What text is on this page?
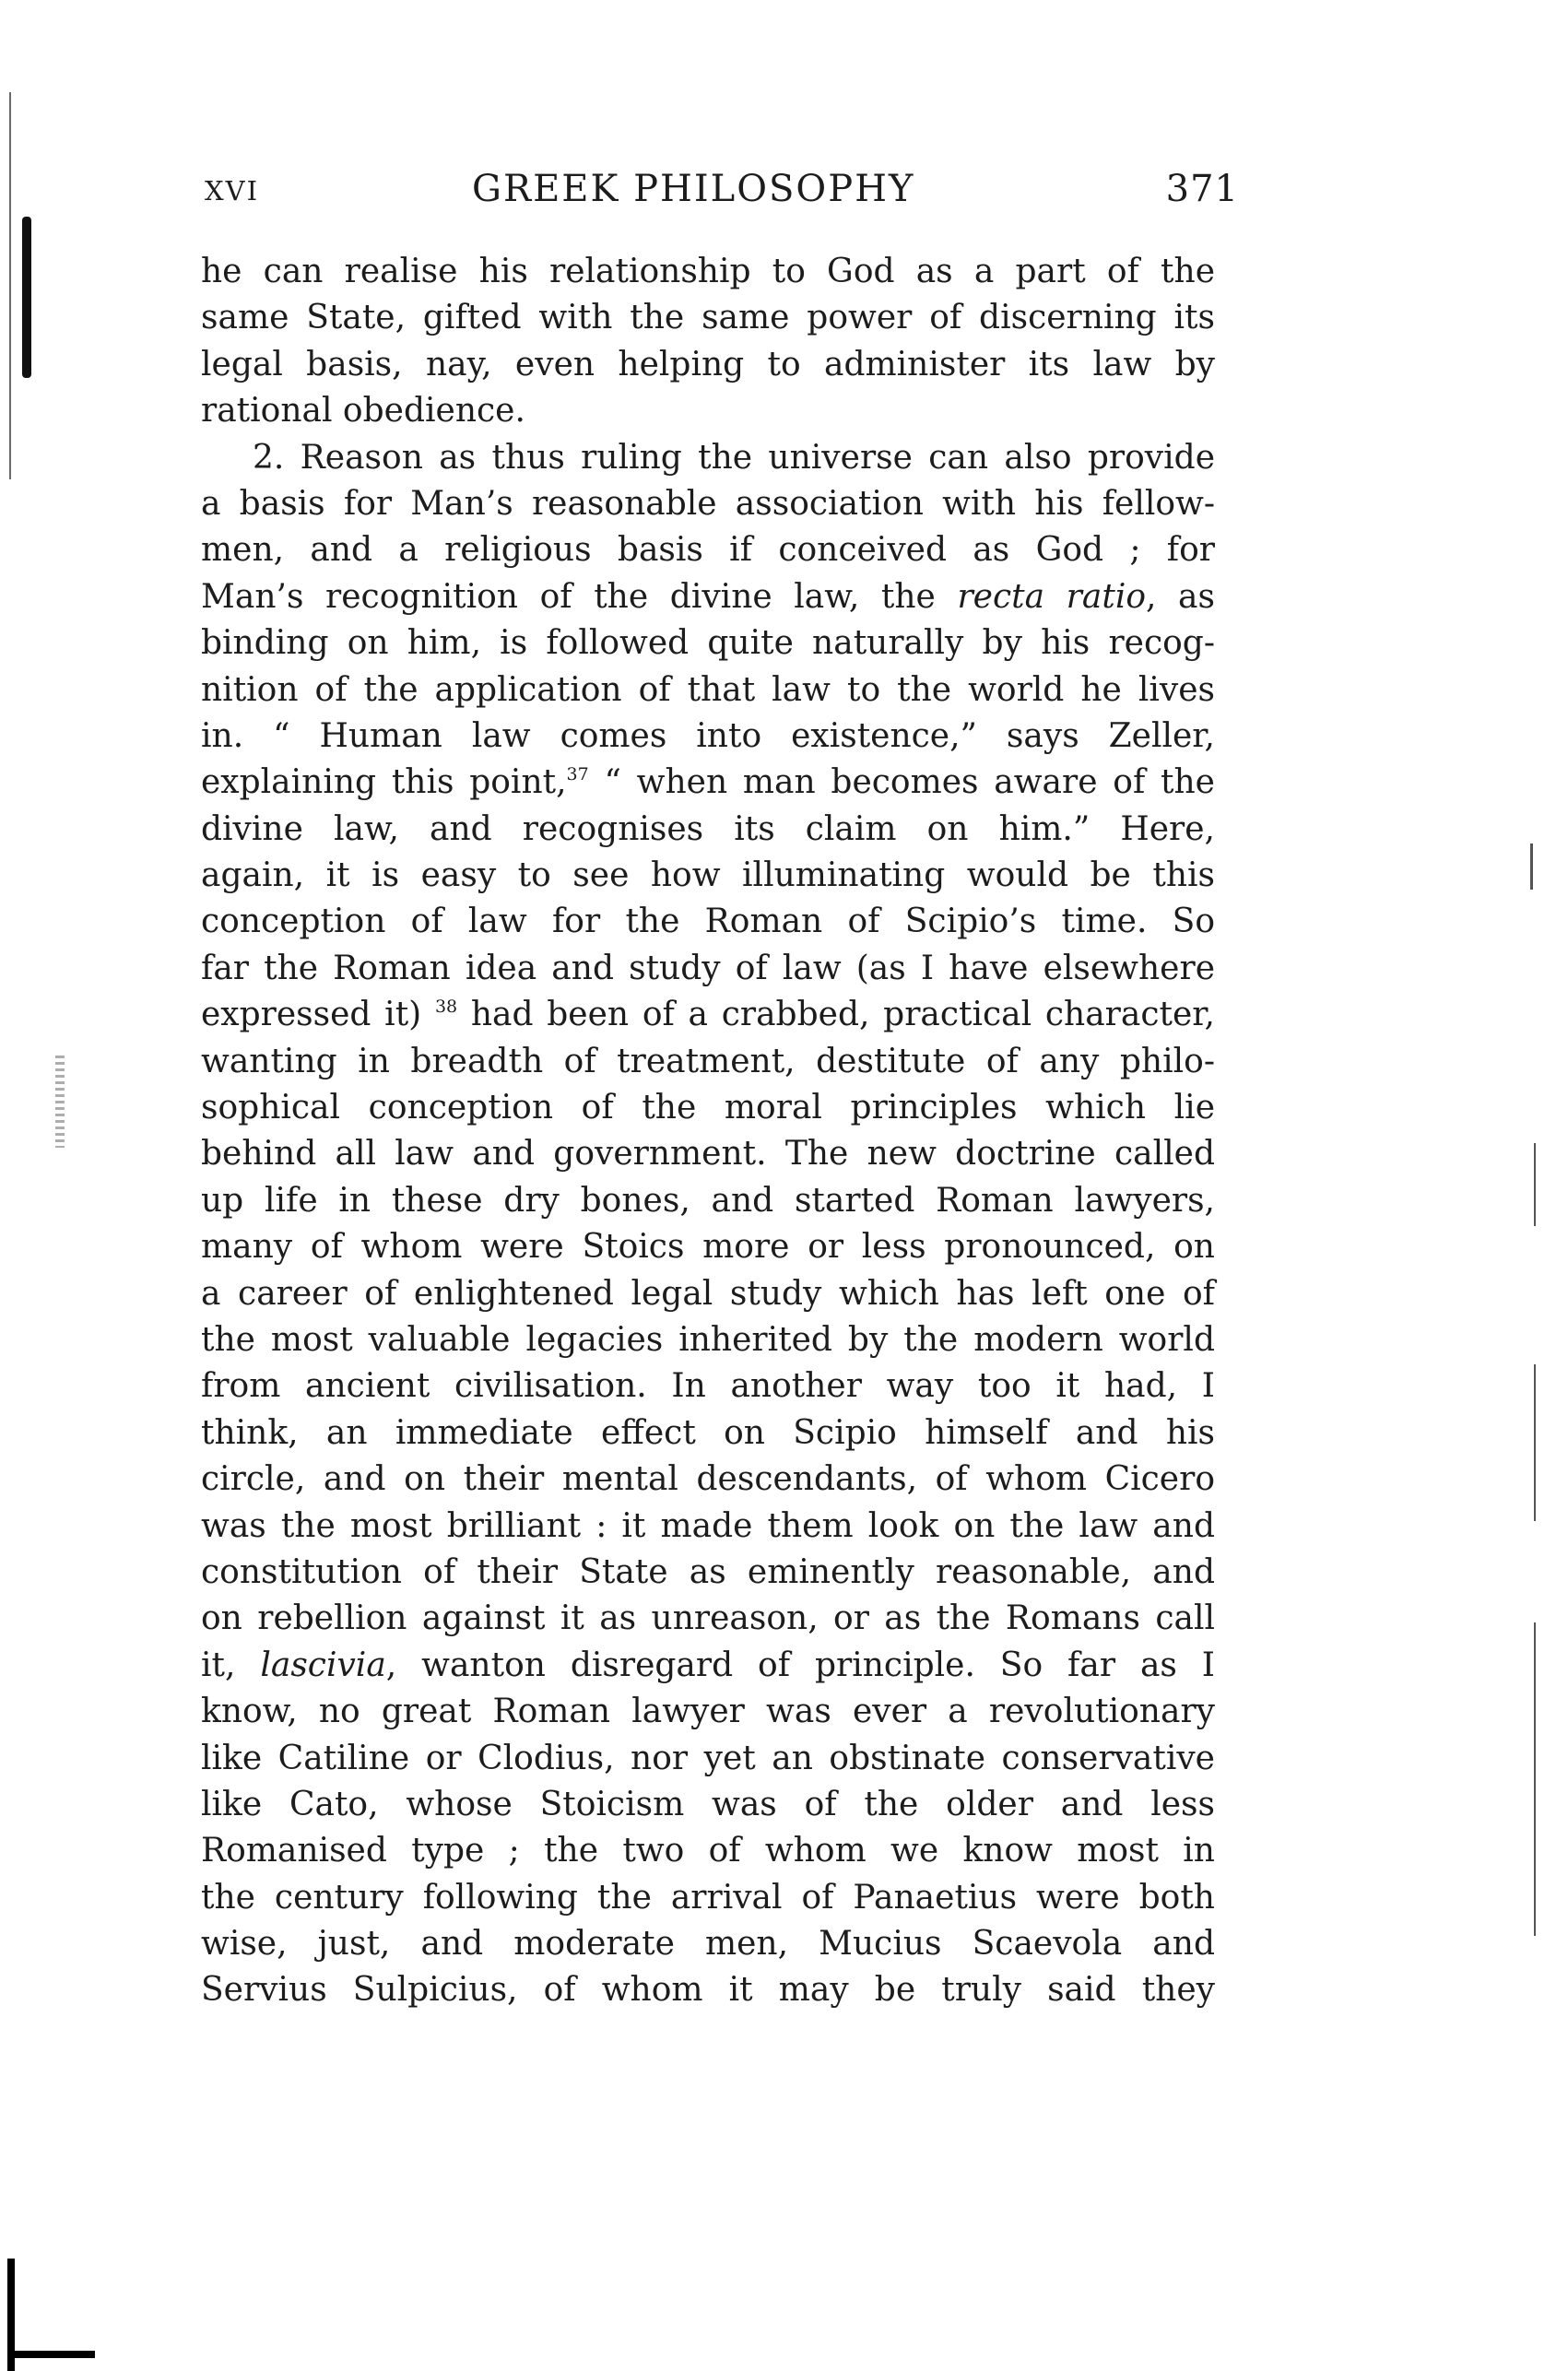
XVI	GREEK PHILOSOPHY	371
he can realise his relationship to God as a part of the
same State, gifted with the same power of discerning its
legal basis, nay, even helping to administer its law by
rational obedience.
2. Reason as thus ruling the universe can also provide
a basis for Man’s reasonable association with his fellow-
men, and a religious basis if conceived as God ; for
Man’s recognition of the divine law, the recta ratio, as
binding on him, is followed quite naturally by his recog-
nition of the application of that law to the world he lives
in. “ Human law comes into existence,” says Zeller,
explaining this point,$^{37}$ “ when man becomes aware of the
divine law, and recognises its claim on him.” Here,
again, it is easy to see how illuminating would be this
conception of law for the Roman of Scipio’s time. So
far the Roman idea and study of law (as I have elsewhere
expressed it) $^{38}$ had been of a crabbed, practical character,
wanting in breadth of treatment, destitute of any philo-
sophical conception of the moral principles which lie
behind all law and government. The new doctrine called
up life in these dry bones, and started Roman lawyers,
many of whom were Stoics more or less pronounced, on
a career of enlightened legal study which has left one of
the most valuable legacies inherited by the modern world
from ancient civilisation. In another way too it had, I
think, an immediate effect on Scipio himself and his
circle, and on their mental descendants, of whom Cicero
was the most brilliant : it made them look on the law and
constitution of their State as eminently reasonable, and
on rebellion against it as unreason, or as the Romans call
it, lascivia, wanton disregard of principle. So far as I
know, no great Roman lawyer was ever a revolutionary
like Catiline or Clodius, nor yet an obstinate conservative
like Cato, whose Stoicism was of the older and less
Romanised type ; the two of whom we know most in
the century following the arrival of Panaetius were both
wise, just, and moderate men, Mucius Scaevola and
Servius Sulpicius, of whom it may be truly said they
